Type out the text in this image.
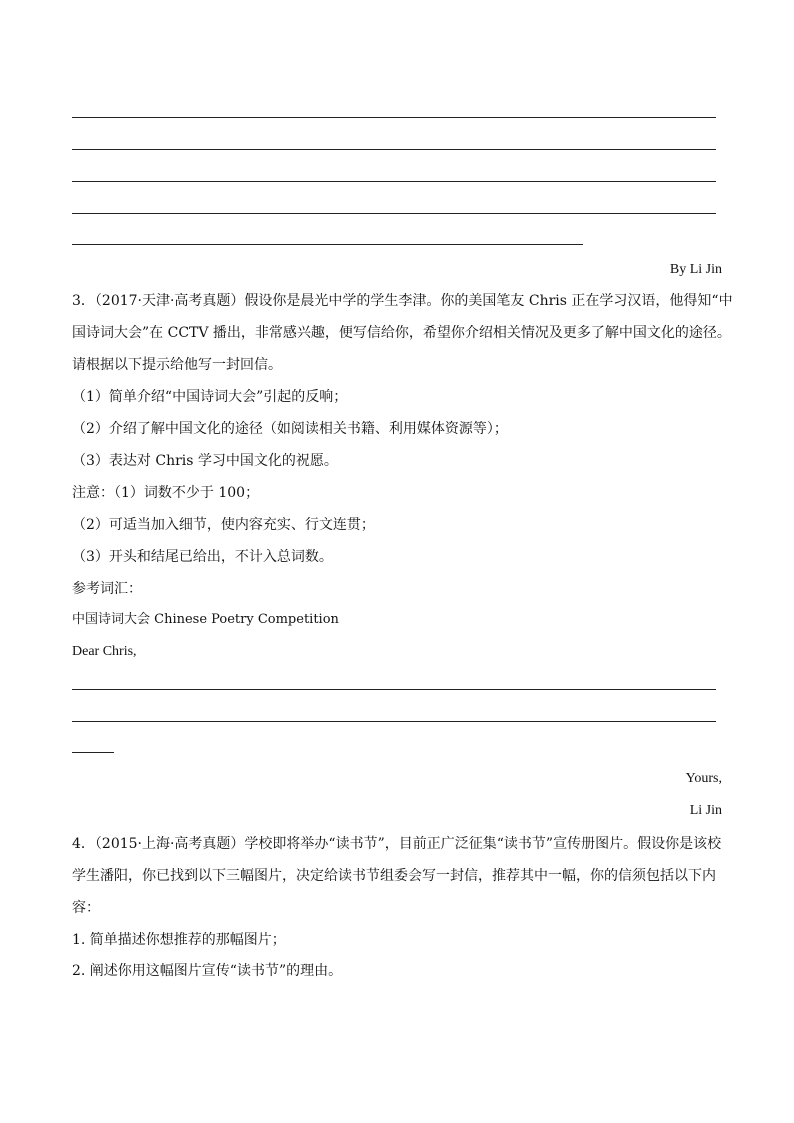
By Li Jin
3．（2017·天津·高考真题）假设你是晨光中学的学生李津。你的美国笔友 Chris 正在学习汉语，他得知“中
国诗词大会”在 CCTV 播出，非常感兴趣，便写信给你，希望你介绍相关情况及更多了解中国文化的途径。
请根据以下提示给他写一封回信。
（1）简单介绍“中国诗词大会”引起的反响；
（2）介绍了解中国文化的途径（如阅读相关书籍、利用媒体资源等）；
（3）表达对 Chris 学习中国文化的祝愿。
注意：（1）词数不少于 100；
（2）可适当加入细节，使内容充实、行文连贯；
（3）开头和结尾已给出，不计入总词数。
参考词汇：
中国诗词大会 Chinese Poetry Competition
Dear Chris,
Yours,
Li Jin
4．（2015·上海·高考真题）学校即将举办“读书节”，目前正广泛征集“读书节”宣传册图片。假设你是该校
学生潘阳，你已找到以下三幅图片，决定给读书节组委会写一封信，推荐其中一幅，你的信须包括以下内
容：
1. 简单描述你想推荐的那幅图片；
2. 阐述你用这幅图片宣传“读书节”的理由。
